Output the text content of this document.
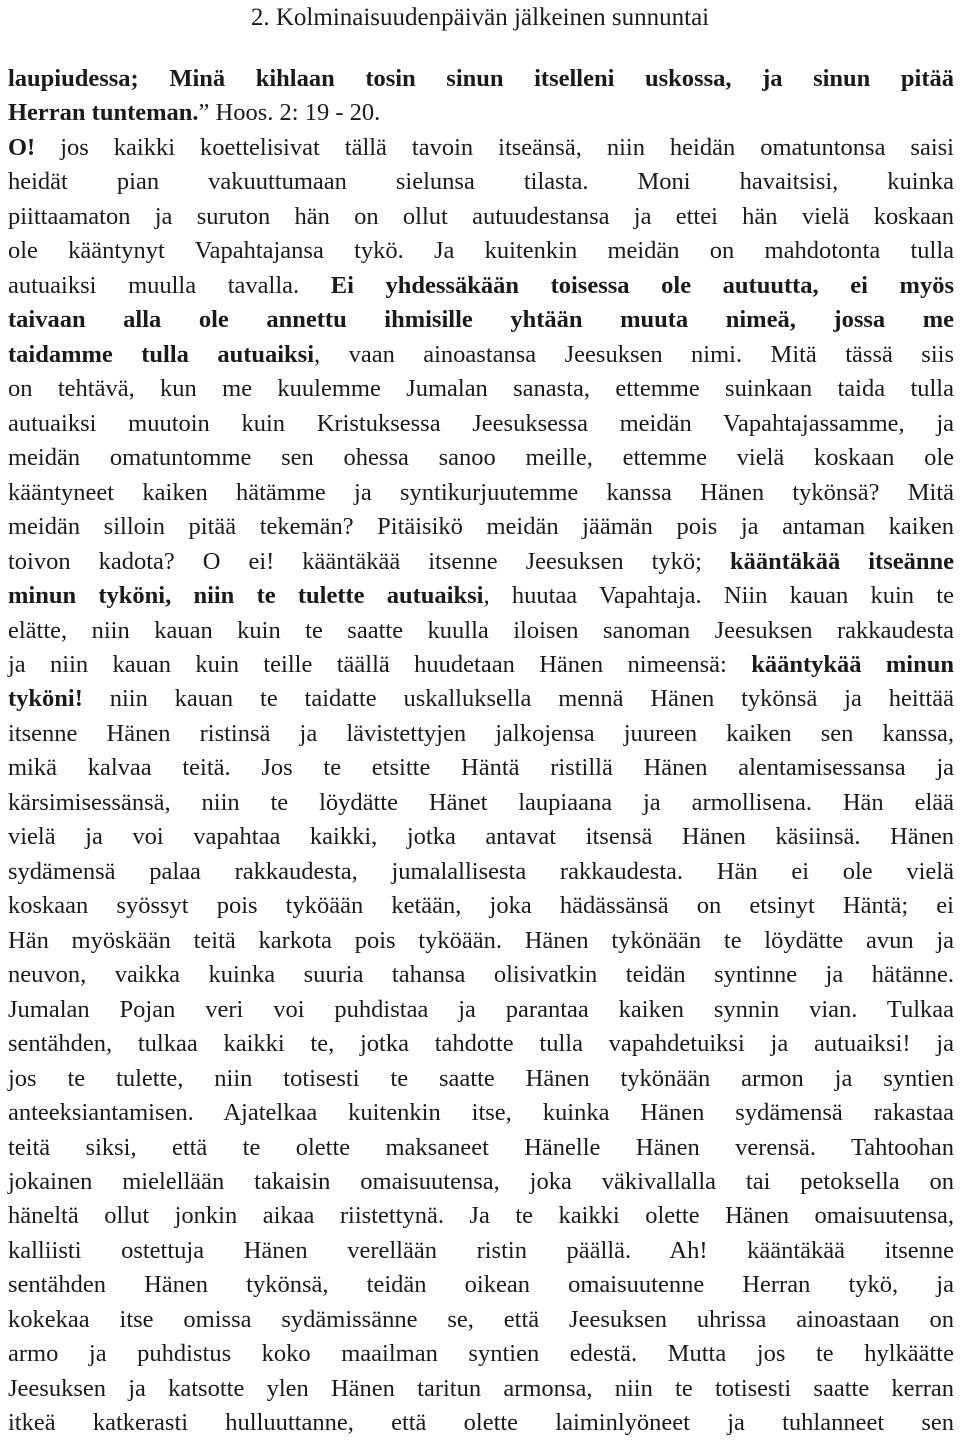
2. Kolminaisuudenpäivän jälkeinen sunnuntai
laupiudessa; Minä kihlaan tosin sinun itselleni uskossa, ja sinun pitää
Herran tunteman.” Hoos. 2: 19 - 20.
O! jos kaikki koettelisivat tällä tavoin itseänsä, niin heidän omatuntonsa saisi
heidät pian vakuuttumaan sielunsa tilasta. Moni havaitsisi, kuinka
piittaamaton ja suruton hän on ollut autuudestansa ja ettei hän vielä koskaan
ole kääntynyt Vapahtajansa tykö. Ja kuitenkin meidän on mahdotonta tulla
autuaiksi muulla tavalla. Ei yhdessäkään toisessa ole autuutta, ei myös
taivaan alla ole annettu ihmisille yhtään muuta nimeä, jossa me
taidamme tulla autuaiksi, vaan ainoastansa Jeesuksen nimi. Mitä tässä siis
on tehtävä, kun me kuulemme Jumalan sanasta, ettemme suinkaan taida tulla
autuaiksi muutoin kuin Kristuksessa Jeesuksessa meidän Vapahtajassamme, ja
meidän omatuntomme sen ohessa sanoo meille, ettemme vielä koskaan ole
kääntyneet kaiken hätämme ja syntikurjuutemme kanssa Hänen tykönsä? Mitä
meidän silloin pitää tekemän? Pitäisikö meidän jäämän pois ja antaman kaiken
toivon kadota? O ei! kääntäkää itsenne Jeesuksen tykö; kääntäkää itseänne
minun tyköni, niin te tulette autuaiksi, huutaa Vapahtaja. Niin kauan kuin te
elätte, niin kauan kuin te saatte kuulla iloisen sanoman Jeesuksen rakkaudesta
ja niin kauan kuin teille täällä huudetaan Hänen nimeensä: kääntykää minun
tyköni! niin kauan te taidatte uskalluksella mennä Hänen tykönsä ja heittää
itsenne Hänen ristinsä ja lävistettyjen jalkojensa juureen kaiken sen kanssa,
mikä kalvaa teitä. Jos te etsitte Häntä ristillä Hänen alentamisessansa ja
kärsimisessänsä, niin te löydätte Hänet laupiaana ja armollisena. Hän elää
vielä ja voi vapahtaa kaikki, jotka antavat itsensä Hänen käsiinsä. Hänen
sydämensä palaa rakkaudesta, jumalallisesta rakkaudesta. Hän ei ole vielä
koskaan syössyt pois tyköään ketään, joka hädässänsä on etsinyt Häntä; ei
Hän myöskään teitä karkota pois tyköään. Hänen tykönään te löydätte avun ja
neuvon, vaikka kuinka suuria tahansa olisivatkin teidän syntinne ja hätänne.
Jumalan Pojan veri voi puhdistaa ja parantaa kaiken synnin vian. Tulkaa
sentähden, tulkaa kaikki te, jotka tahdotte tulla vapahdetuiksi ja autuaiksi! ja
jos te tulette, niin totisesti te saatte Hänen tykönään armon ja syntien
anteeksiantamisen. Ajatelkaa kuitenkin itse, kuinka Hänen sydämensä rakastaa
teitä siksi, että te olette maksaneet Hänelle Hänen verensä. Tahtoohan
jokainen mielellään takaisin omaisuutensa, joka väkivallalla tai petoksella on
häneltä ollut jonkin aikaa riistettynä. Ja te kaikki olette Hänen omaisuutensa,
kalliisti ostettuja Hänen verellään ristin päällä. Ah! kääntäkää itsenne
sentähden Hänen tykönsä, teidän oikean omaisuutenne Herran tykö, ja
kokekaa itse omissa sydämissänne se, että Jeesuksen uhrissa ainoastaan on
armo ja puhdistus koko maailman syntien edestä. Mutta jos te hylkäätte
Jeesuksen ja katsotte ylen Hänen taritun armonsa, niin te totisesti saatte kerran
itkeä katkerasti hulluuttanne, että olette laiminlyöneet ja tuhlanneet sen
